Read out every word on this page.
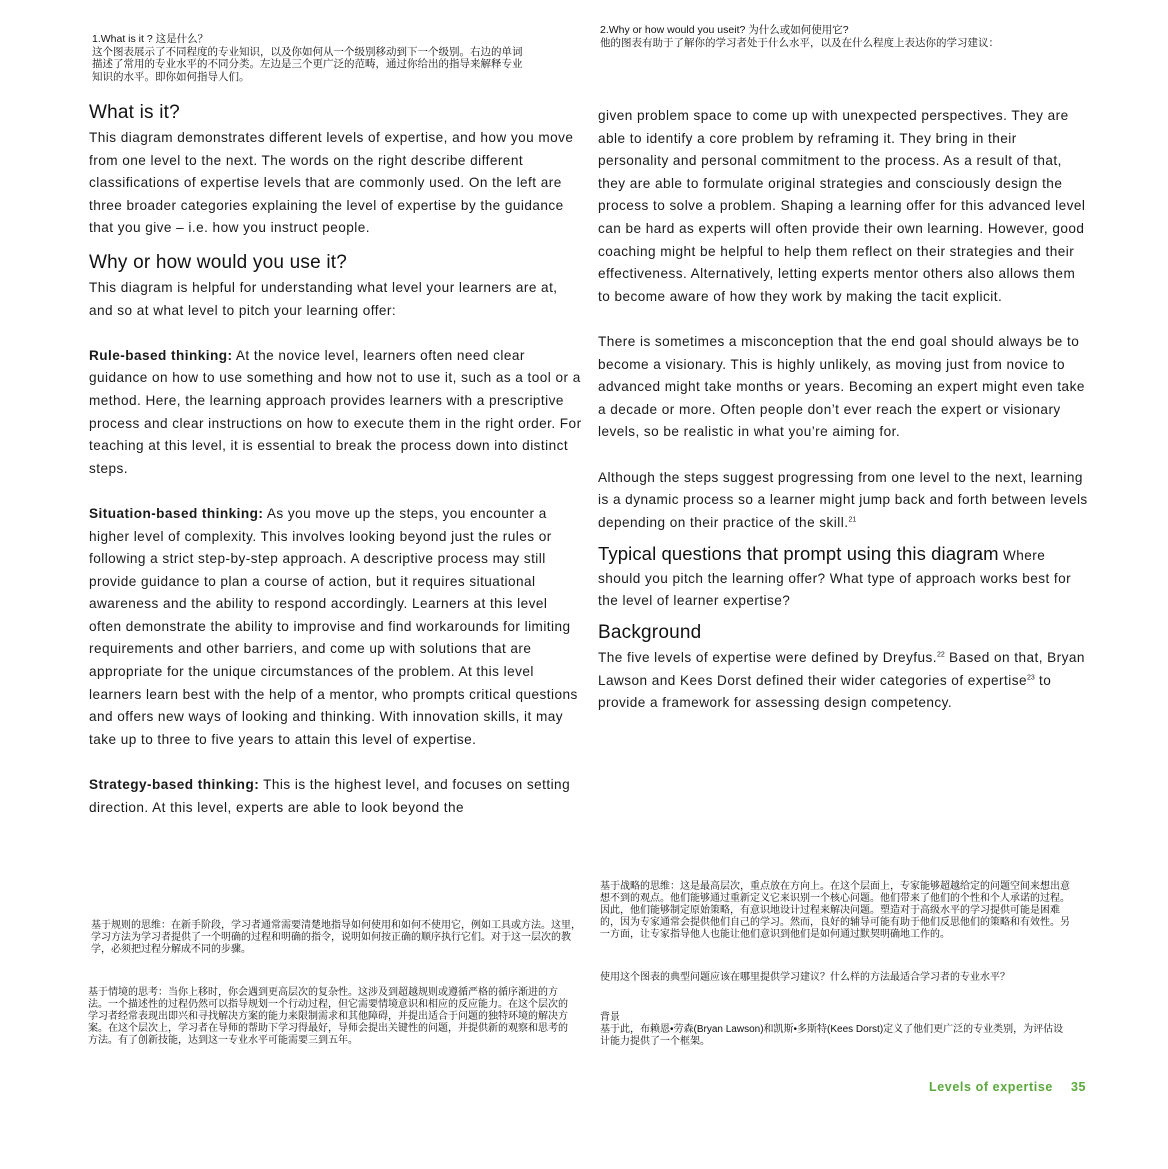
1.What is it ? 这是什么？
这个图表展示了不同程度的专业知识，以及你如何从一个级别移动到下一个级别。右边的单词描述了常用的专业水平的不同分类。左边是三个更广泛的范畴，通过你给出的指导来解释专业知识的水平。即你如何指导人们。
2.Why or how would you useit? 为什么或如何使用它?
他的图表有助于了解你的学习者处于什么水平，以及在什么程度上表达你的学习建议：
What is it?

This diagram demonstrates different levels of expertise, and how you move from one level to the next. The words on the right describe different classifications of expertise levels that are commonly used. On the left are three broader categories explaining the level of expertise by the guidance that you give – i.e. how you instruct people.

Why or how would you use it?

This diagram is helpful for understanding what level your learners are at, and so at what level to pitch your learning offer:

Rule-based thinking: At the novice level, learners often need clear guidance on how to use something and how not to use it, such as a tool or a method. Here, the learning approach provides learners with a prescriptive process and clear instructions on how to execute them in the right order. For teaching at this level, it is essential to break the process down into distinct steps.

Situation-based thinking: As you move up the steps, you encounter a higher level of complexity. This involves looking beyond just the rules or following a strict step-by-step approach. A descriptive process may still provide guidance to plan a course of action, but it requires situational awareness and the ability to respond accordingly. Learners at this level often demonstrate the ability to improvise and find workarounds for limiting requirements and other barriers, and come up with solutions that are appropriate for the unique circumstances of the problem. At this level learners learn best with the help of a mentor, who prompts critical questions and offers new ways of looking and thinking. With innovation skills, it may take up to three to five years to attain this level of expertise.

Strategy-based thinking: This is the highest level, and focuses on setting direction. At this level, experts are able to look beyond the

given problem space to come up with unexpected perspectives. They are able to identify a core problem by reframing it. They bring in their personality and personal commitment to the process. As a result of that, they are able to formulate original strategies and consciously design the process to solve a problem. Shaping a learning offer for this advanced level can be hard as experts will often provide their own learning. However, good coaching might be helpful to help them reflect on their strategies and their effectiveness. Alternatively, letting experts mentor others also allows them to become aware of how they work by making the tacit explicit.

There is sometimes a misconception that the end goal should always be to become a visionary. This is highly unlikely, as moving just from novice to advanced might take months or years. Becoming an expert might even take a decade or more. Often people don’t ever reach the expert or visionary levels, so be realistic in what you’re aiming for.

Although the steps suggest progressing from one level to the next, learning is a dynamic process so a learner might jump back and forth between levels depending on their practice of the skill.$^{21}$

Typical questions that prompt using this diagram Where should you pitch the learning offer? What type of approach works best for the level of learner expertise?

Background

The five levels of expertise were defined by Dreyfus.$^{22}$ Based on that, Bryan Lawson and Kees Dorst defined their wider categories of expertise$^{23}$ to provide a framework for assessing design competency.

基于规则的思维：在新手阶段，学习者通常需要清楚地指导如何使用和如何不使用它，例如工具或方法。这里，学习方法为学习者提供了一个明确的过程和明确的指令，说明如何按正确的顺序执行它们。对于这一层次的教学，必须把过程分解成不同的步骤。
基于情境的思考：当你上移时，你会遇到更高层次的复杂性。这涉及到超越规则或遵循严格的循序渐进的方法。一个描述性的过程仍然可以指导规划一个行动过程，但它需要情境意识和相应的反应能力。在这个层次的学习者经常表现出即兴和寻找解决方案的能力来限制需求和其他障碍，并提出适合于问题的独特环境的解决方案。在这个层次上，学习者在导师的帮助下学习得最好，导师会提出关键性的问题，并提供新的观察和思考的方法。有了创新技能，达到这一专业水平可能需要三到五年。
基于战略的思维：这是最高层次，重点放在方向上。在这个层面上，专家能够超越给定的问题空间来想出意想不到的观点。他们能够通过重新定义它来识别一个核心问题。他们带来了他们的个性和个人承诺的过程。因此，他们能够制定原始策略，有意识地设计过程来解决问题。塑造对于高级水平的学习提供可能是困难的，因为专家通常会提供他们自己的学习。然而，良好的辅导可能有助于他们反思他们的策略和有效性。另一方面，让专家指导他人也能让他们意识到他们是如何通过默契明确地工作的。
使用这个图表的典型问题应该在哪里提供学习建议？什么样的方法最适合学习者的专业水平？
背景
基于此，布赖恩•劳森(Bryan Lawson)和凯斯•多斯特(Kees Dorst)定义了他们更广泛的专业类别，为评估设计能力提供了一个框架。
Levels of expertise 35
